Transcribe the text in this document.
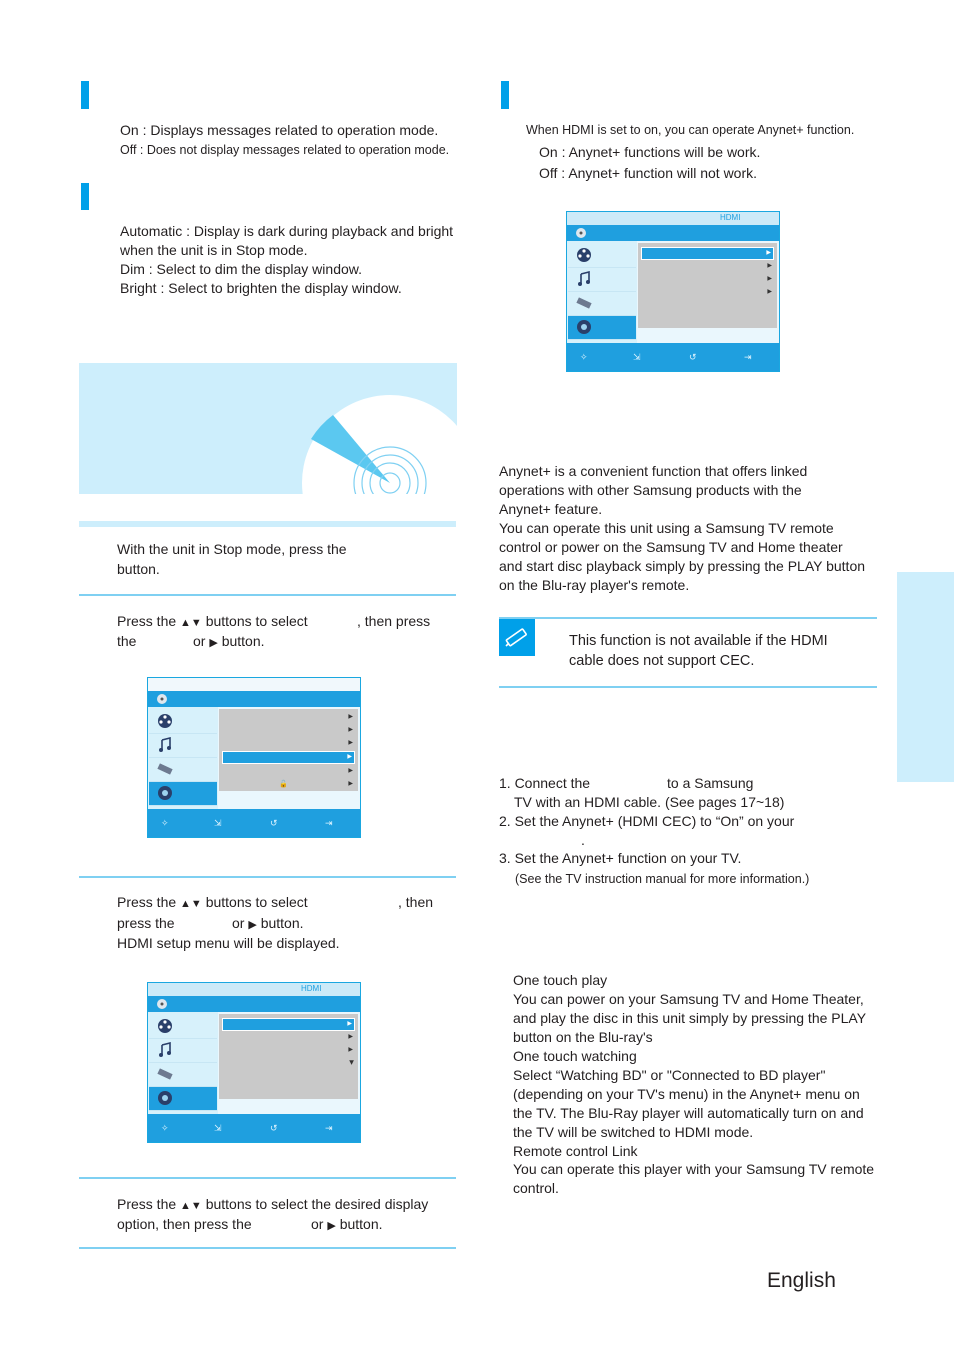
On : Displays messages related to operation mode.
Off : Does not display messages related to operation mode.
Automatic : Display is dark during playback and bright
when the unit is in Stop mode.
Dim : Select to dim the display window.
Bright : Select to brighten the display window.
With the unit in Stop mode, press the
button.
Press the ▲▼ buttons to select	, then press
the	or ▶ button.
▶
▶
▶
▶
▶
🔓	▶
✧	⇲	↺	⇥
Press the ▲▼ buttons to select	, then
press the	or ▶ button.
HDMI setup menu will be displayed.
HDMI
▶
▶
▶
▶
✧	⇲	↺	⇥
Press the ▲▼ buttons to select the desired display
option, then press the	or ▶ button.
When HDMI is set to on, you can operate Anynet+ function.
On : Anynet+ functions will be work.
Off : Anynet+ function will not work.
HDMI
▶
▶
▶
▶
✧	⇲	↺	⇥
Anynet+ is a convenient function that offers linked
operations with other Samsung products with the
Anynet+ feature.
You can operate this unit using a Samsung TV remote
control or power on the Samsung TV and Home theater
and start disc playback simply by pressing the PLAY button
on the Blu-ray player's remote.
This function is not available if the HDMI
cable does not support CEC.
1. Connect the	to a Samsung
TV with an HDMI cable. (See pages 17~18)
2. Set the Anynet+ (HDMI CEC) to “On” on your
.
3. Set the Anynet+ function on your TV.
(See the TV instruction manual for more information.)
One touch play
You can power on your Samsung TV and Home Theater,
and play the disc in this unit simply by pressing the PLAY
button on the Blu-ray's
One touch watching
Select “Watching BD" or "Connected to BD player"
(depending on your TV's menu) in the Anynet+ menu on
the TV. The Blu-Ray player will automatically turn on and
the TV will be switched to HDMI mode.
Remote control Link
You can operate this player with your Samsung TV remote
control.
English
